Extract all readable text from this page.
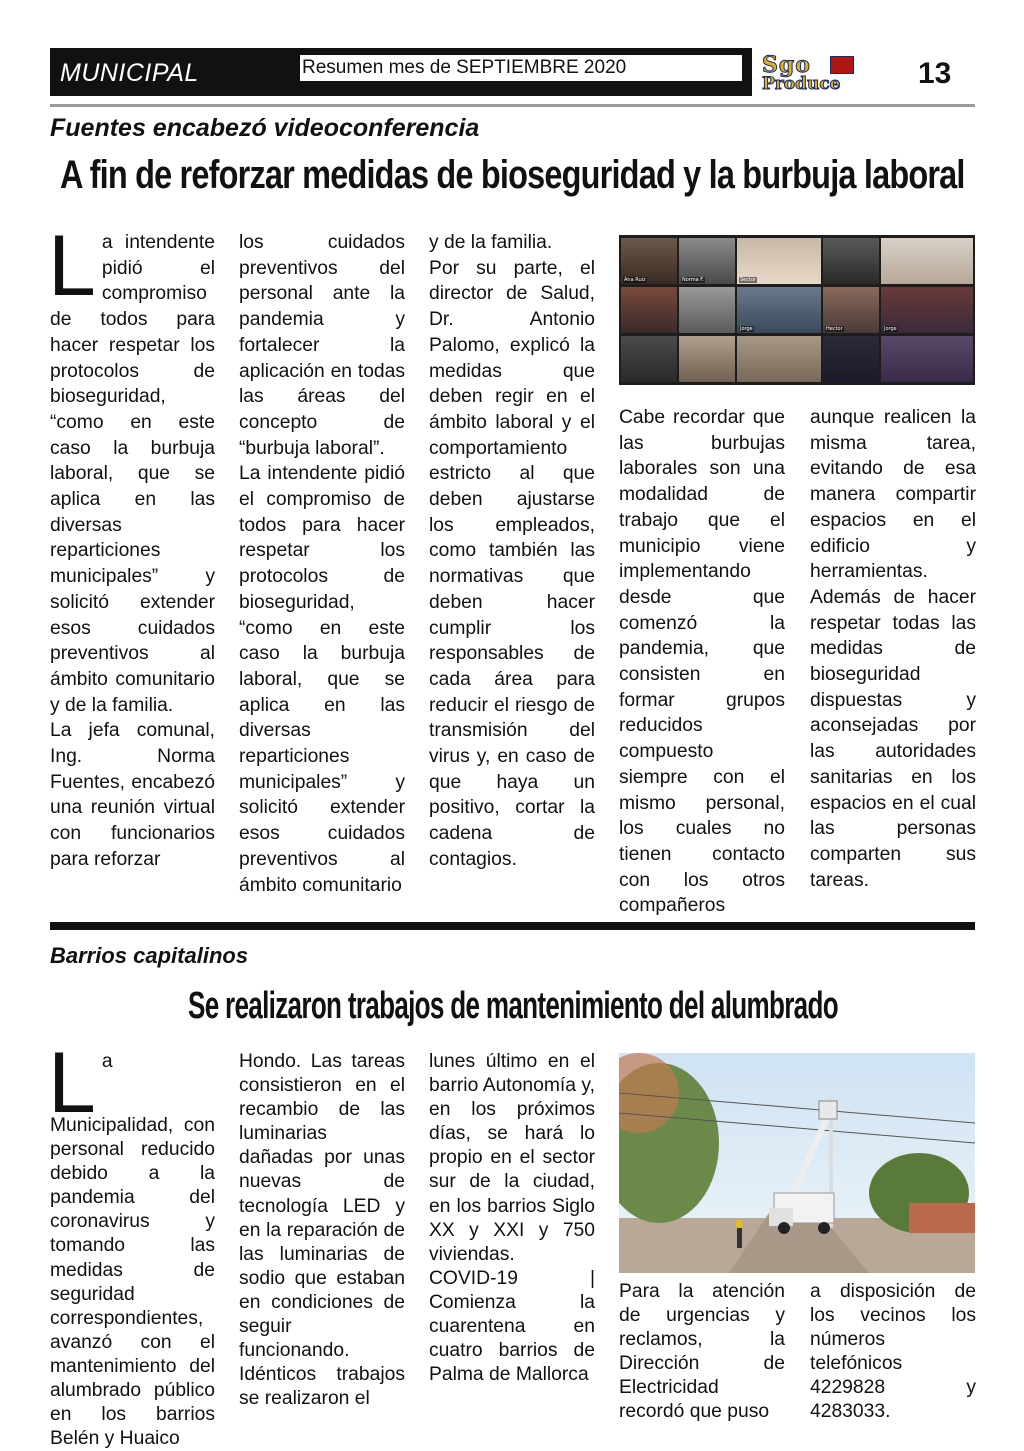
MUNICIPAL	Resumen mes de SEPTIEMBRE 2020	Sgo
Produce	13
Fuentes encabezó videoconferencia
A fin de reforzar medidas de bioseguridad y la burbuja laboral

La intendente pidió el compromiso de todos para hacer respetar los protocolos de bioseguridad, “como en este caso la burbuja laboral, que se aplica en las diversas reparticiones municipales” y solicitó extender esos cuidados preventivos al ámbito comunitario y de la familia.

La jefa comunal, Ing. Norma Fuentes, encabezó una reunión virtual con funcionarios para reforzar

los cuidados preventivos del personal ante la pandemia y fortalecer la aplicación en todas las áreas del concepto de “burbuja laboral”.

La intendente pidió el compromiso de todos para hacer respetar los protocolos de bioseguridad, “como en este caso la burbuja laboral, que se aplica en las diversas reparticiones municipales” y solicitó extender esos cuidados preventivos al ámbito comunitario

y de la familia.

Por su parte, el director de Salud, Dr. Antonio Palomo, explicó la medidas que deben regir en el ámbito laboral y el comportamiento estricto al que deben ajustarse los empleados, como también las normativas que deben hacer cumplir los responsables de cada área para reducir el riesgo de transmisión del virus y, en caso de que haya un positivo, cortar la cadena de contagios.

Ana Ruiz	Norma F.	Sector
Jorge	Hector	Jorge

Cabe recordar que las burbujas laborales son una modalidad de trabajo que el municipio viene implementando desde que comenzó la pandemia, que consisten en formar grupos reducidos compuesto siempre con el mismo personal, los cuales no tienen contacto con los otros compañeros

aunque realicen la misma tarea, evitando de esa manera compartir espacios en el edificio y herramientas.

Además de hacer respetar todas las medidas de bioseguridad dispuestas y aconsejadas por las autoridades sanitarias en los espacios en el cual las personas comparten sus tareas.

Barrios capitalinos
Se realizaron trabajos de mantenimiento del alumbrado

La Municipalidad, con personal reducido debido a la pandemia del coronavirus y tomando las medidas de seguridad correspondientes, avanzó con el mantenimiento del alumbrado público en los barrios Belén y Huaico

Hondo. Las tareas consistieron en el recambio de las luminarias dañadas por unas nuevas de tecnología LED y en la reparación de las luminarias de sodio que estaban en condiciones de seguir funcionando.

Idénticos trabajos se realizaron el

lunes último en el barrio Autonomía y, en los próximos días, se hará lo propio en el sector sur de la ciudad, en los barrios Siglo XX y XXI y 750 viviendas.

COVID-19 | Comienza la cuarentena en cuatro barrios de Palma de Mallorca

Para la atención de urgencias y reclamos, la Dirección de Electricidad recordó que puso

a disposición de los vecinos los números telefónicos 4229828 y 4283033.
